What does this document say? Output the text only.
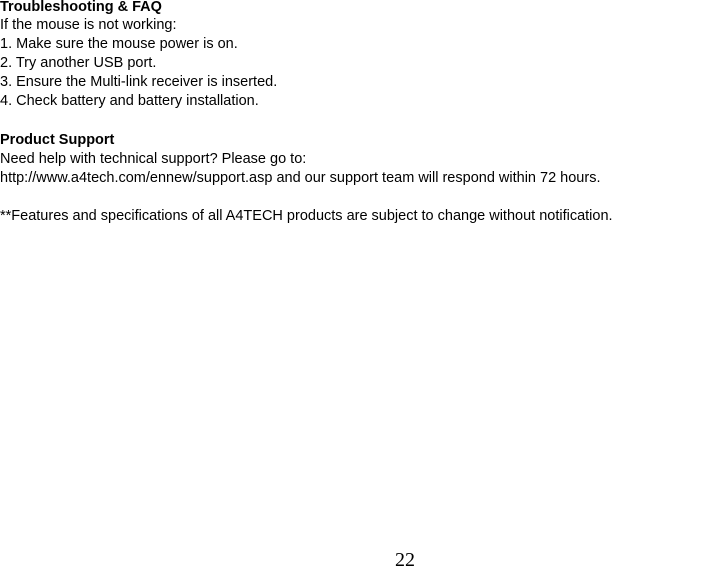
Troubleshooting & FAQ
If the mouse is not working:
1. Make sure the mouse power is on.
2. Try another USB port.
3. Ensure the Multi-link receiver is inserted.
4. Check battery and battery installation.
Product Support
Need help with technical support? Please go to:
http://www.a4tech.com/ennew/support.asp and our support team will respond within 72 hours.
**Features and specifications of all A4TECH products are subject to change without notification.
22
